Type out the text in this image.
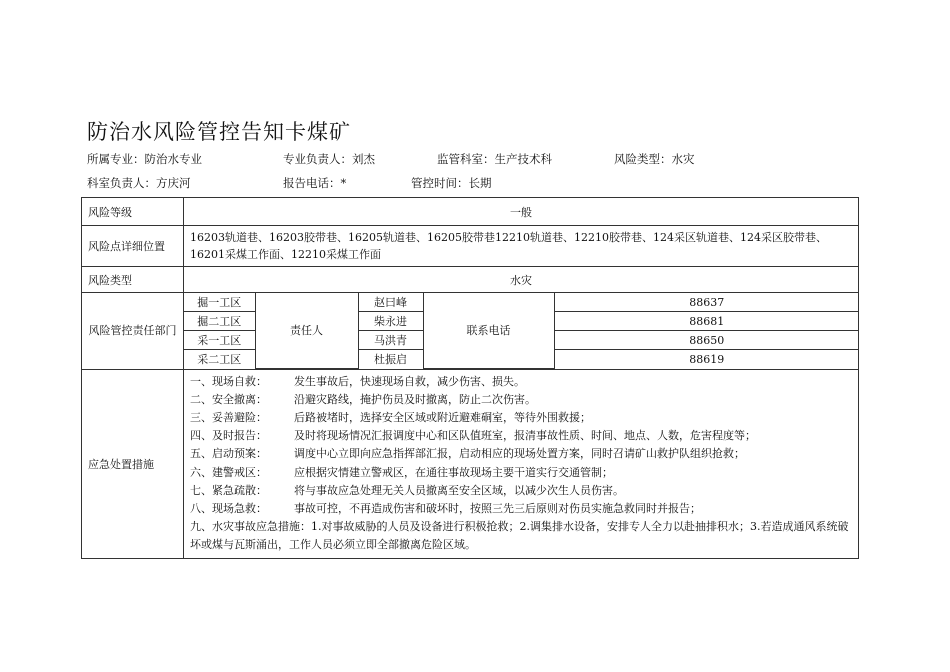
防治水风险管控告知卡煤矿
所属专业：防治水专业	专业负责人：刘杰	监管科室：生产技术科	风险类型：水灾
科室负责人：方庆河	报告电话：*	管控时间：长期
风险等级	一般
风险点详细位置	16203轨道巷、16203胶带巷、16205轨道巷、16205胶带巷12210轨道巷、12210胶带巷、124采区轨道巷、124采区胶带巷、16201采煤工作面、12210采煤工作面
风险类型	水灾
风险管控责任部门	
掘一工区	责任人	赵曰峰	联系电话	88637
掘二工区	柴永进	88681
采一工区	马洪青	88650
采二工区	杜振启	88619

应急处置措施	
一、现场自救： 发生事故后，快速现场自救，减少伤害、损失。
二、安全撤离： 沿避灾路线，掩护伤员及时撤离，防止二次伤害。
三、妥善避险： 后路被堵时，选择安全区域或附近避难硐室，等待外围救援；
四、及时报告： 及时将现场情况汇报调度中心和区队值班室，报清事故性质、时间、地点、人数，危害程度等；
五、启动预案： 调度中心立即向应急指挥部汇报，启动相应的现场处置方案，同时召请矿山救护队组织抢救；
六、建警戒区： 应根据灾情建立警戒区，在通往事故现场主要干道实行交通管制；
七、紧急疏散： 将与事故应急处理无关人员撤离至安全区域，以减少次生人员伤害。
八、现场急救： 事故可控，不再造成伤害和破坏时，按照三先三后原则对伤员实施急救同时并报告；
九、水灾事故应急措施：1.对事故威胁的人员及设备进行积极抢救；2.调集排水设备，安排专人全力以赴抽排积水；3.若造成通风系统破坏或煤与瓦斯涌出，工作人员必须立即全部撤离危险区域。
